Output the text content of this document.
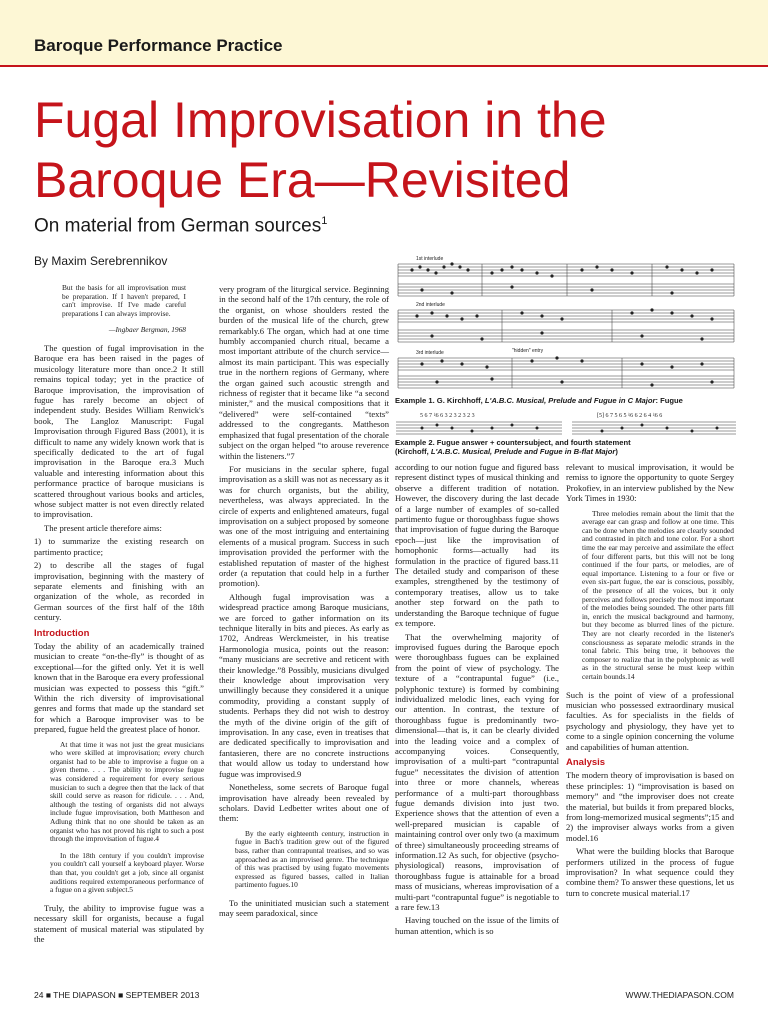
Baroque Performance Practice
Fugal Improvisation in the Baroque Era—Revisited
On material from German sources$^1$
By Maxim Serebrennikov

But the basis for all improvisation must be preparation. If I haven't prepared, I can't improvise. If I've made careful preparations I can always improvise.

—Ingbaer Bergman, 1968

The question of fugal improvisation in the Baroque era has been raised in the pages of musicology literature more than once.2 It still remains topical today; yet in the practice of Baroque improvisation, the improvisation of fugue has rarely become an object of independent study. Besides William Renwick's book, The Langloz Manuscript: Fugal Improvisation through Figured Bass (2001), it is difficult to name any widely known work that is specifically dedicated to the art of fugal improvisation in the Baroque era.3 Much valuable and interesting information about this performance practice of baroque musicians is scattered throughout various books and articles, whose subject matter is not even directly related to improvisation.

The present article therefore aims:

1) to summarize the existing research on partimento practice;

2) to describe all the stages of fugal improvisation, beginning with the mastery of separate elements and finishing with an organization of the whole, as recorded in German sources of the first half of the 18th century.

Introduction

Today the ability of an academically trained musician to create “on-the-fly” is thought of as exceptional—for the gifted only. Yet it is well known that in the Baroque era every professional musician was expected to possess this “gift.” Within the rich diversity of improvisational genres and forms that made up the standard set for which a Baroque improviser was to be prepared, fugue held the greatest place of honor.

At that time it was not just the great musicians who were skilled at improvisation; every church organist had to be able to improvise a fugue on a given theme. . . . The ability to improvise fugue was considered a requirement for every serious musician to such a degree then that the lack of that skill could serve as reason for ridicule. . . . And, although the testing of organists did not always include fugue improvisation, both Mattheson and Adlung think that no one should be taken as an organist who has not proved his right to such a post through the improvisation of fugue.4

In the 18th century if you couldn't improvise you couldn't call yourself a keyboard player. Worse than that, you couldn't get a job, since all organist auditions required extemporaneous performance of a fugue on a given subject.5

Truly, the ability to improvise fugue was a necessary skill for organists, because a fugal statement of musical material was stipulated by the

very program of the liturgical service. Beginning in the second half of the 17th century, the role of the organist, on whose shoulders rested the burden of the musical life of the church, grew remarkably.6 The organ, which had at one time humbly accompanied church ritual, became a most important attribute of the church service—almost its main participant. This was especially true in the northern regions of Germany, where the organ gained such acoustic strength and richness of register that it became like “a second minister,” and the musical compositions that it “delivered” were self-contained “texts” addressed to the congregants. Mattheson emphasized that fugal presentation of the chorale subject on the organ helped “to arouse reverence within the listeners.”7

For musicians in the secular sphere, fugal improvisation as a skill was not as necessary as it was for church organists, but the ability, nevertheless, was always appreciated. In the circle of experts and enlightened amateurs, fugal improvisation on a subject proposed by someone was one of the most intriguing and entertaining elements of a musical program. Success in such improvisation provided the performer with the established reputation of master of the highest order (a reputation that could help in a further promotion).

Although fugal improvisation was a widespread practice among Baroque musicians, we are forced to gather information on its technique literally in bits and pieces. As early as 1702, Andreas Werckmeister, in his treatise Harmonologia musica, points out the reason: “many musicians are secretive and reticent with their knowledge.”8 Possibly, musicians divulged their knowledge about improvisation very unwillingly because they considered it a unique commodity, providing a constant supply of students. Perhaps they did not wish to destroy the myth of the divine origin of the gift of improvisation. In any case, even in treatises that are dedicated specifically to improvisation and fantasieren, there are no concrete instructions that would allow us today to understand how fugue was improvised.9

Nonetheless, some secrets of Baroque fugal improvisation have already been revealed by scholars. David Ledbetter writes about one of them:

By the early eighteenth century, instruction in fugue in Bach's tradition grew out of the figured bass, rather than contrapuntal treatises, and so was approached as an improvised genre. The technique of this was practised by using fugato movements expressed as figured basses, called in Italian partimento fugues.10

To the uninitiated musician such a statement may seem paradoxical, since

1st interlude
2nd interlude
"hidden" entry
3rd interlude
Example 1. G. Kirchhoff, L'A.B.C. Musical, Prelude and Fugue in C Major: Fugue
5 6 7 ♮6 6 3 2 3 2 3 2 3	[5] 6 7 5 6 5 ♮6 6 2 6 4 ♮6 6
Example 2. Fugue answer + countersubject, and fourth statement
(Kirchoff, L'A.B.C. Musical, Prelude and Fugue in B-flat Major)

according to our notion fugue and figured bass represent distinct types of musical thinking and observe a different tradition of notation. However, the discovery during the last decade of a large number of examples of so-called partimento fugue or thoroughbass fugue shows that improvisation of fugue during the Baroque epoch—just like the improvisation of homophonic forms—actually had its formulation in the practice of figured bass.11 The detailed study and comparison of these examples, strengthened by the testimony of contemporary treatises, allow us to take another step forward on the path to understanding the Baroque technique of fugue ex tempore.

That the overwhelming majority of improvised fugues during the Baroque epoch were thoroughbass fugues can be explained from the point of view of psychology. The texture of a “contrapuntal fugue” (i.e., polyphonic texture) is formed by combining individualized melodic lines, each vying for our attention. In contrast, the texture of thoroughbass fugue is predominantly two-dimensional—that is, it can be clearly divided into the leading voice and a complex of accompanying voices. Consequently, improvisation of a multi-part “contrapuntal fugue” necessitates the division of attention into three or more channels, whereas performance of a multi-part thoroughbass fugue demands division into just two. Experience shows that the attention of even a well-prepared musician is capable of maintaining control over only two (a maximum of three) simultaneously proceeding streams of information.12 As such, for objective (psycho-physiological) reasons, improvisation of thoroughbass fugue is attainable for a broad mass of musicians, whereas improvisation of a multi-part “contrapuntal fugue” is negotiable to a rare few.13

Having touched on the issue of the limits of human attention, which is so

relevant to musical improvisation, it would be remiss to ignore the opportunity to quote Sergey Prokofiev, in an interview published by the New York Times in 1930:

Three melodies remain about the limit that the average ear can grasp and follow at one time. This can be done when the melodies are clearly sounded and contrasted in pitch and tone color. For a short time the ear may perceive and assimilate the effect of four different parts, but this will not be long continued if the four parts, or melodies, are of equal importance. Listening to a four or five or even six-part fugue, the ear is conscious, possibly, of the presence of all the voices, but it only perceives and follows precisely the most important of the melodies being sounded. The other parts fill in, enrich the musical background and harmony, but they become as blurred lines of the picture. They are not clearly recorded in the listener's consciousness as separate melodic strands in the tonal fabric. This being true, it behooves the composer to realize that in the polyphonic as well as in the structural sense he must keep within certain bounds.14

Such is the point of view of a professional musician who possessed extraordinary musical faculties. As for specialists in the fields of psychology and physiology, they have yet to come to a single opinion concerning the volume and capabilities of human attention.

Analysis

The modern theory of improvisation is based on these principles: 1) “improvisation is based on memory” and “the improviser does not create the material, but builds it from prepared blocks, from long-memorized musical segments”;15 and 2) the improviser always works from a given model.16

What were the building blocks that Baroque performers utilized in the process of fugue improvisation? In what sequence could they combine them? To answer these questions, let us turn to concrete musical material.17

24 ■ THE DIAPASON ■ SEPTEMBER 2013	WWW.THEDIAPASON.COM
